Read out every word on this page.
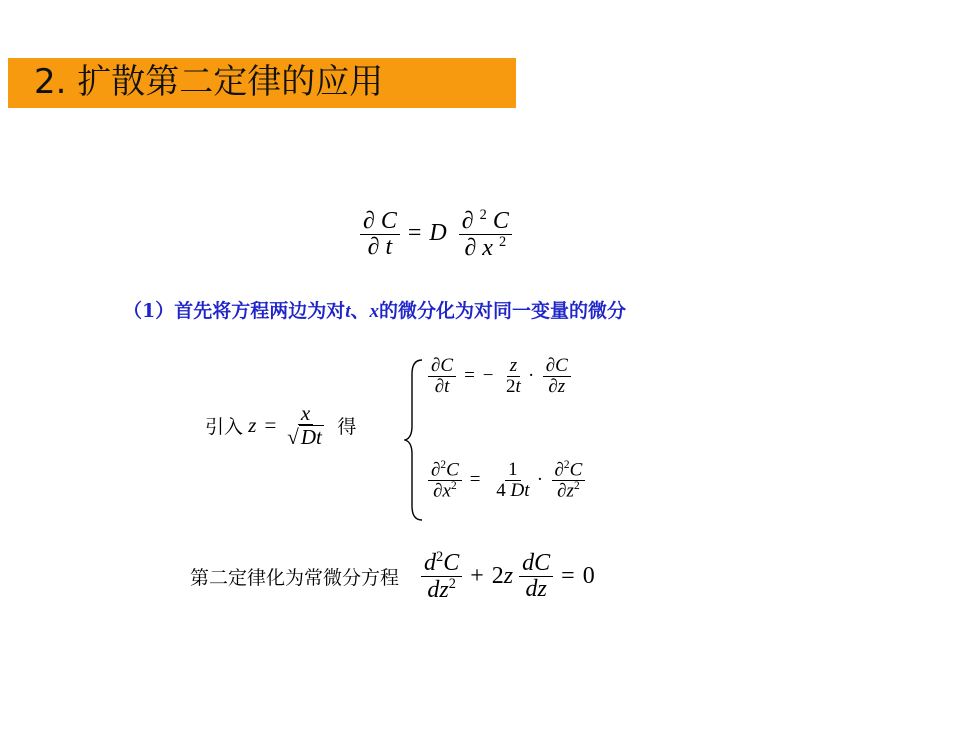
2. 扩散第二定律的应用
$\frac{\partial C}{\partial t} = D \frac{\partial ^2 C}{\partial x ^2}$
（1）首先将方程两边为对t、x的微分化为对同一变量的微分
引入 $z = \frac{x}{√ Dt}$
得
$\frac{\partial C}{\partial t}$ = − $\frac{z}{2t} \cdot \frac{\partial C}{\partial z}$
$\frac{\partial^2C}{\partial x^2} = \frac{1}{4 Dt} \cdot \frac{\partial^2C}{\partial z^2}$
第二定律化为常微分方程 $\frac{d^2C}{dz^2} + 2$ z $\frac{dC}{dz} = 0$
